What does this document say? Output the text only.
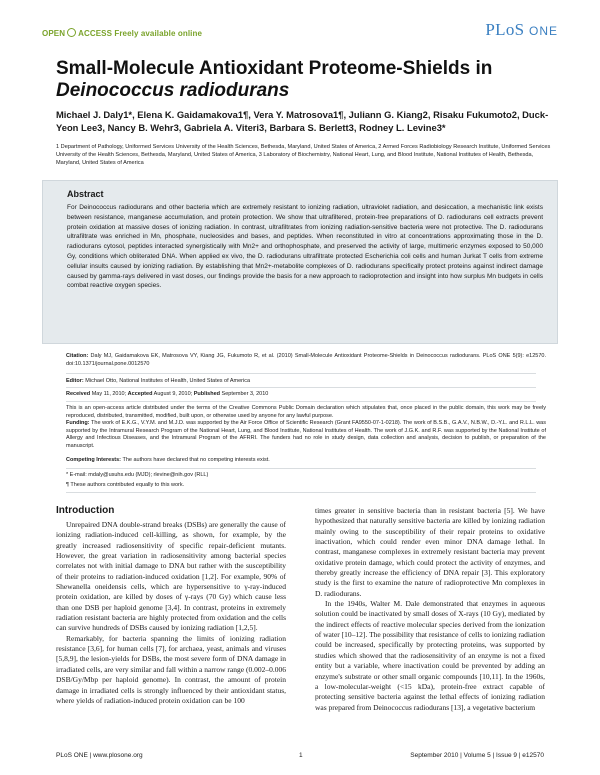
OPEN ACCESS Freely available online	PLoS ONE
Small-Molecule Antioxidant Proteome-Shields in
Deinococcus radiodurans
Michael J. Daly1*, Elena K. Gaidamakova1¶, Vera Y. Matrosova1¶, Juliann G. Kiang2, Risaku Fukumoto2, Duck-Yeon Lee3, Nancy B. Wehr3, Gabriela A. Viteri3, Barbara S. Berlett3, Rodney L. Levine3*
1 Department of Pathology, Uniformed Services University of the Health Sciences, Bethesda, Maryland, United States of America, 2 Armed Forces Radiobiology Research Institute, Uniformed Services University of the Health Sciences, Bethesda, Maryland, United States of America, 3 Laboratory of Biochemistry, National Heart, Lung, and Blood Institute, National Institutes of Health, Bethesda, Maryland, United States of America
Abstract
For Deinococcus radiodurans and other bacteria which are extremely resistant to ionizing radiation, ultraviolet radiation, and desiccation, a mechanistic link exists between resistance, manganese accumulation, and protein protection. We show that ultrafiltered, protein-free preparations of D. radiodurans cell extracts prevent protein oxidation at massive doses of ionizing radiation. In contrast, ultrafiltrates from ionizing radiation-sensitive bacteria were not protective. The D. radiodurans ultrafiltrate was enriched in Mn, phosphate, nucleosides and bases, and peptides. When reconstituted in vitro at concentrations approximating those in the D. radiodurans cytosol, peptides interacted synergistically with Mn2+ and orthophosphate, and preserved the activity of large, multimeric enzymes exposed to 50,000 Gy, conditions which obliterated DNA. When applied ex vivo, the D. radiodurans ultrafiltrate protected Escherichia coli cells and human Jurkat T cells from extreme cellular insults caused by ionizing radiation. By establishing that Mn2+-metabolite complexes of D. radiodurans specifically protect proteins against indirect damage caused by gamma-rays delivered in vast doses, our findings provide the basis for a new approach to radioprotection and insight into how surplus Mn budgets in cells combat reactive oxygen species.
Citation: Daly MJ, Gaidamakova EK, Matrosova VY, Kiang JG, Fukumoto R, et al. (2010) Small-Molecule Antioxidant Proteome-Shields in Deinococcus radiodurans. PLoS ONE 5(9): e12570. doi:10.1371/journal.pone.0012570
Editor: Michael Otto, National Institutes of Health, United States of America
Received May 11, 2010; Accepted August 9, 2010; Published September 3, 2010
This is an open-access article distributed under the terms of the Creative Commons Public Domain declaration which stipulates that, once placed in the public domain, this work may be freely reproduced, distributed, transmitted, modified, built upon, or otherwise used by anyone for any lawful purpose.
Funding: The work of E.K.G., V.Y.M. and M.J.D. was supported by the Air Force Office of Scientific Research (Grant FA9550-07-1-0218). The work of B.S.B., G.A.V., N.B.W., D.-Y.L. and R.L.L. was supported by the Intramural Research Program of the National Heart, Lung, and Blood Institute, National Institutes of Health. The work of J.G.K. and R.F. was supported by the National Institute of Allergy and Infectious Diseases, and the Intramural Program of the AFRRI. The funders had no role in study design, data collection and analysis, decision to publish, or preparation of the manuscript.
Competing Interests: The authors have declared that no competing interests exist.
* E-mail: mdaly@usuhs.edu (MJD); rlevine@nih.gov (RLL)
¶ These authors contributed equally to this work.
Introduction

Unrepaired DNA double-strand breaks (DSBs) are generally the cause of ionizing radiation-induced cell-killing, as shown, for example, by the greatly increased radiosensitivity of specific repair-deficient mutants. However, the great variation in radiosensitivity among bacterial species correlates not with initial damage to DNA but rather with the susceptibility of their proteins to radiation-induced oxidation [1,2]. For example, 90% of Shewanella oneidensis cells, which are hypersensitive to γ-ray-induced protein oxidation, are killed by doses of γ-rays (70 Gy) which cause less than one DSB per haploid genome [3,4]. In contrast, proteins in extremely radiation resistant bacteria are highly protected from oxidation and the cells can survive hundreds of DSBs caused by ionizing radiation [1,2,5].

Remarkably, for bacteria spanning the limits of ionizing radiation resistance [3,6], for human cells [7], for archaea, yeast, animals and viruses [5,8,9], the lesion-yields for DSBs, the most severe form of DNA damage in irradiated cells, are very similar and fall within a narrow range (0.002–0.006 DSB/Gy/Mbp per haploid genome). In contrast, the amount of protein damage in irradiated cells is strongly influenced by their antioxidant status, where yields of radiation-induced protein oxidation can be 100

times greater in sensitive bacteria than in resistant bacteria [5]. We have hypothesized that naturally sensitive bacteria are killed by ionizing radiation mainly owing to the susceptibility of their repair proteins to oxidative inactivation, which could render even minor DNA damage lethal. In contrast, manganese complexes in extremely resistant bacteria may prevent oxidative protein damage, which could protect the activity of enzymes, and thereby greatly increase the efficiency of DNA repair [3]. This exploratory study is the first to examine the nature of radioprotective Mn complexes in D. radiodurans.

In the 1940s, Walter M. Dale demonstrated that enzymes in aqueous solution could be inactivated by small doses of X-rays (10 Gy), mediated by the indirect effects of reactive molecular species derived from the ionization of water [10–12]. The possibility that resistance of cells to ionizing radiation could be increased, specifically by protecting proteins, was supported by studies which showed that the radiosensitivity of an enzyme is not a fixed entity but a variable, where inactivation could be prevented by adding an enzyme's substrate or other small organic compounds [10,11]. In the 1960s, a low-molecular-weight (<15 kDa), protein-free extract capable of protecting sensitive bacteria against the lethal effects of ionizing radiation was prepared from Deinococcus radiodurans [13], a vegetative bacterium

PLoS ONE | www.plosone.org	1	September 2010 | Volume 5 | Issue 9 | e12570
